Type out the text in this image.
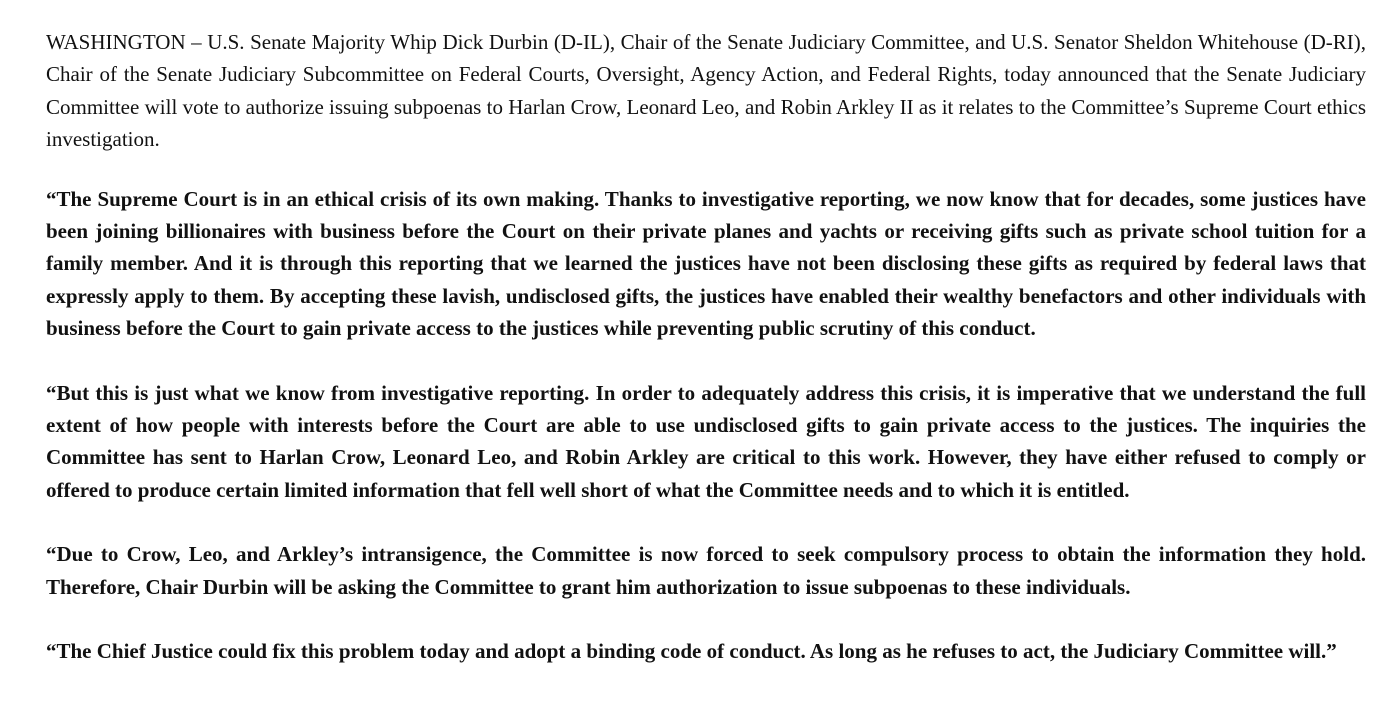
WASHINGTON – U.S. Senate Majority Whip Dick Durbin (D-IL), Chair of the Senate Judiciary Committee, and U.S. Senator Sheldon Whitehouse (D-RI), Chair of the Senate Judiciary Subcommittee on Federal Courts, Oversight, Agency Action, and Federal Rights, today announced that the Senate Judiciary Committee will vote to authorize issuing subpoenas to Harlan Crow, Leonard Leo, and Robin Arkley II as it relates to the Committee’s Supreme Court ethics investigation.

“The Supreme Court is in an ethical crisis of its own making. Thanks to investigative reporting, we now know that for decades, some justices have been joining billionaires with business before the Court on their private planes and yachts or receiving gifts such as private school tuition for a family member. And it is through this reporting that we learned the justices have not been disclosing these gifts as required by federal laws that expressly apply to them. By accepting these lavish, undisclosed gifts, the justices have enabled their wealthy benefactors and other individuals with business before the Court to gain private access to the justices while preventing public scrutiny of this conduct.

“But this is just what we know from investigative reporting. In order to adequately address this crisis, it is imperative that we understand the full extent of how people with interests before the Court are able to use undisclosed gifts to gain private access to the justices. The inquiries the Committee has sent to Harlan Crow, Leonard Leo, and Robin Arkley are critical to this work. However, they have either refused to comply or offered to produce certain limited information that fell well short of what the Committee needs and to which it is entitled.

“Due to Crow, Leo, and Arkley’s intransigence, the Committee is now forced to seek compulsory process to obtain the information they hold. Therefore, Chair Durbin will be asking the Committee to grant him authorization to issue subpoenas to these individuals.

“The Chief Justice could fix this problem today and adopt a binding code of conduct. As long as he refuses to act, the Judiciary Committee will.”
